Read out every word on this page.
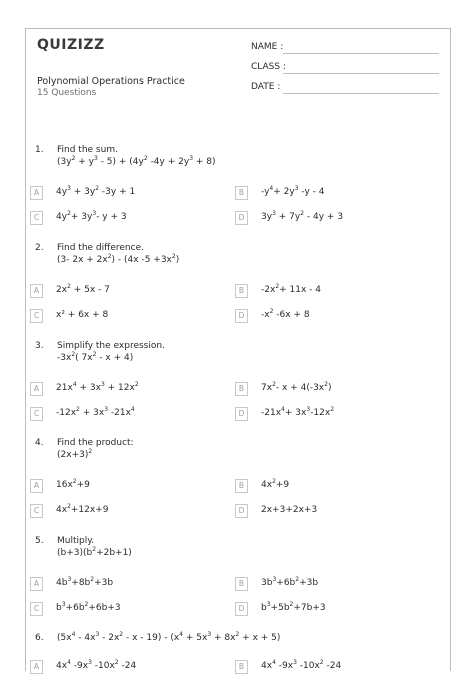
QUIZIZZ
Polynomial Operations Practice
15 Questions
NAME :
CLASS :
DATE :
1. Find the sum.
$(3y^2 + y^3 - 5) + (4y^2$ $-4y + 2y^3 + 8$)
A	$4y^3 + 3y^2$ -3y + 1	B	$-y^4+ 2y^3$ -y - 4
C	$4y^2+ 3y^3-$ y + 3	D	$3y^3 + 7y^2 - 4y + 3$
2. Find the difference.
(3- $2x + 2x^2) - (4x$ $-5 +3x^2$)
A	$2x^2 + 5x - 7$	B	$-2x^2+ 11x - 4$
C	x² + 6x + 8	D	$-x^2$ -6x + 8
3. Simplify the expression.
$-3x^2$( $7x^2 - x + 4$)
A	$21x^4 + 3x^3 + 12x^2$	B	$7x^2-$ $x + 4(-3x^2)$
C	$-12x^2 + 3x^3$ $-21x^4$	D	$-21x^4+ 3x^3-12x^2$
4. Find the product:
$(2x+3)^2$
A	$16x^2+9$	B	$4x^2+9$
C	$4x^2+12x+9$	D	2x+3+2x+3
5. Multiply.
$(b+3)(b^2+2b+1)$
A	$4b^3+8b^2+3b$	B	$3b^3+6b^2+3b$
C	$b^3+6b^2+6b+3$	D	$b^3+5b^2+7b+3$
6. $(5x^4 - 4x^3 - 2x^2 - x - 19) - (x^4 + 5x^3 + 8x^2 + x + 5)$
A	$4x^4$ $-9x^3$ $-10x^2$ -24	B	$4x^4$ $-9x^3$ $-10x^2$ -24
